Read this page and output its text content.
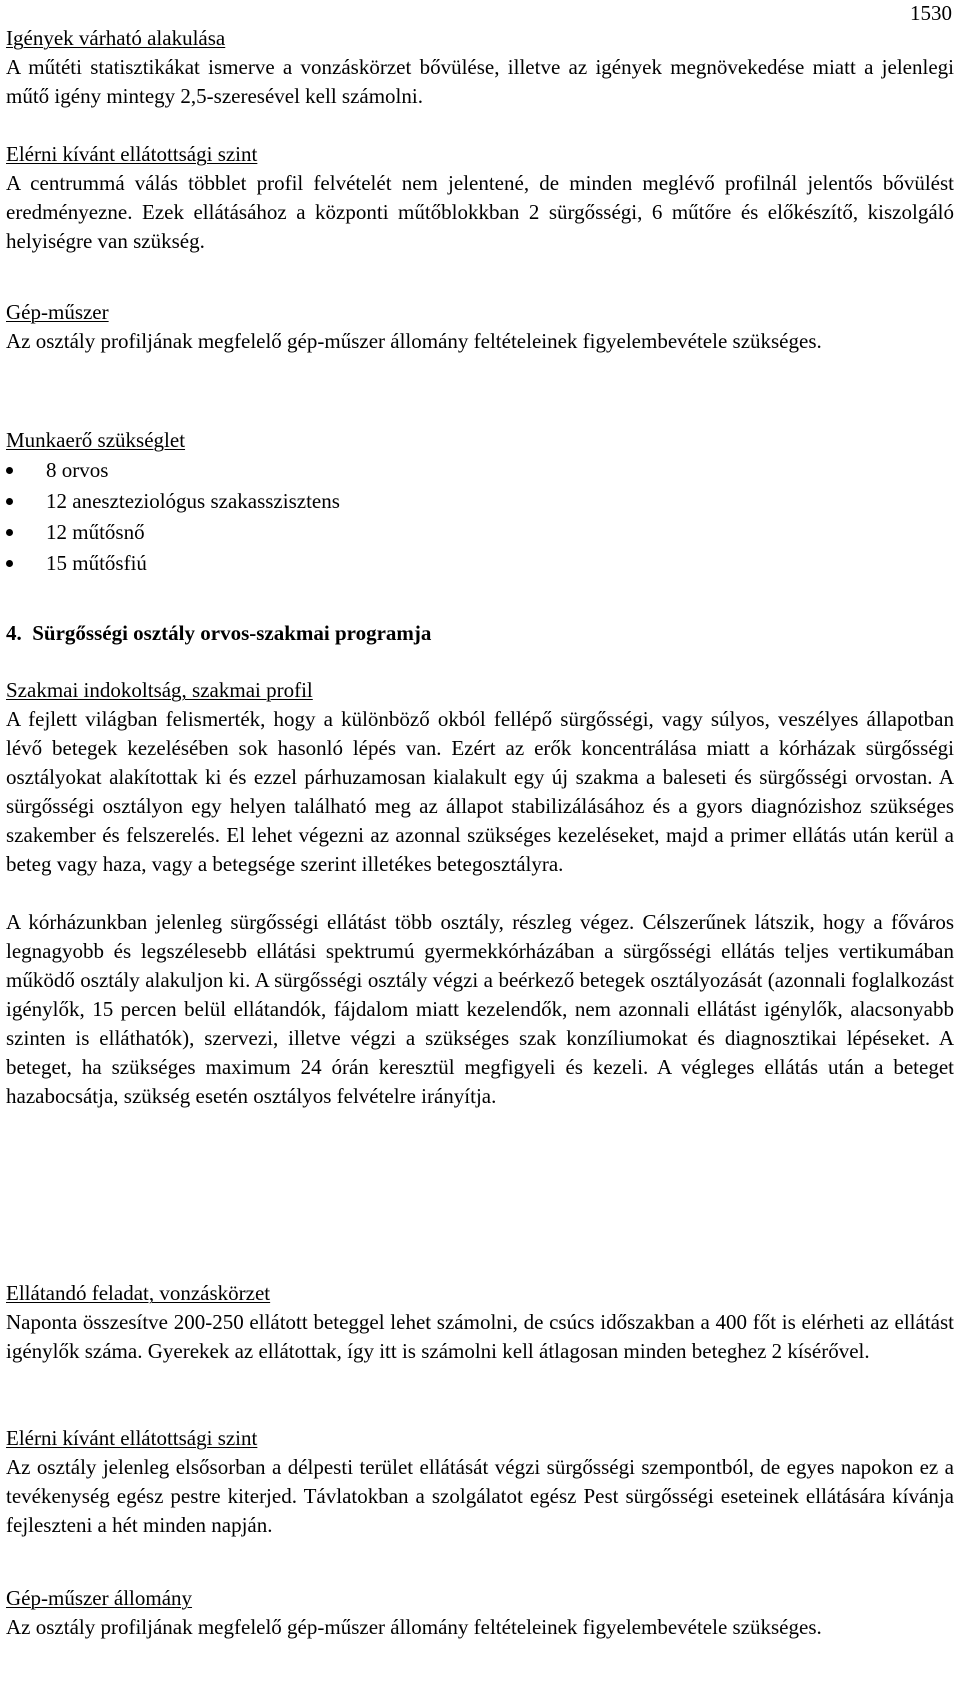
1530
Igények várható alakulása

A műtéti statisztikákat ismerve a vonzáskörzet bővülése, illetve az igények megnövekedése miatt a jelenlegi műtő igény mintegy 2,5-szeresével kell számolni.

Elérni kívánt ellátottsági szint

A centrummá válás többlet profil felvételét nem jelentené, de minden meglévő profilnál jelentős bővülést eredményezne. Ezek ellátásához a központi műtőblokkban 2 sürgősségi, 6 műtőre és előkészítő, kiszolgáló helyiségre van szükség.

Gép-műszer

Az osztály profiljának megfelelő gép-műszer állomány feltételeinek figyelembevétele szükséges.

Munkaerő szükséglet
8 orvos
12 aneszteziológus szakasszisztens
12 műtősnő
15 műtősfiú
4. Sürgősségi osztály orvos-szakmai programja
Szakmai indokoltság, szakmai profil

A fejlett világban felismerték, hogy a különböző okból fellépő sürgősségi, vagy súlyos, veszélyes állapotban lévő betegek kezelésében sok hasonló lépés van. Ezért az erők koncentrálása miatt a kórházak sürgősségi osztályokat alakítottak ki és ezzel párhuzamosan kialakult egy új szakma a baleseti és sürgősségi orvostan. A sürgősségi osztályon egy helyen található meg az állapot stabilizálásához és a gyors diagnózishoz szükséges szakember és felszerelés. El lehet végezni az azonnal szükséges kezeléseket, majd a primer ellátás után kerül a beteg vagy haza, vagy a betegsége szerint illetékes betegosztályra.

A kórházunkban jelenleg sürgősségi ellátást több osztály, részleg végez. Célszerűnek látszik, hogy a főváros legnagyobb és legszélesebb ellátási spektrumú gyermekkórházában a sürgősségi ellátás teljes vertikumában működő osztály alakuljon ki. A sürgősségi osztály végzi a beérkező betegek osztályozását (azonnali foglalkozást igénylők, 15 percen belül ellátandók, fájdalom miatt kezelendők, nem azonnali ellátást igénylők, alacsonyabb szinten is elláthatók), szervezi, illetve végzi a szükséges szak konzíliumokat és diagnosztikai lépéseket. A beteget, ha szükséges maximum 24 órán keresztül megfigyeli és kezeli. A végleges ellátás után a beteget hazabocsátja, szükség esetén osztályos felvételre irányítja.

Ellátandó feladat, vonzáskörzet

Naponta összesítve 200-250 ellátott beteggel lehet számolni, de csúcs időszakban a 400 főt is elérheti az ellátást igénylők száma. Gyerekek az ellátottak, így itt is számolni kell átlagosan minden beteghez 2 kísérővel.

Elérni kívánt ellátottsági szint

Az osztály jelenleg elsősorban a délpesti terület ellátását végzi sürgősségi szempontból, de egyes napokon ez a tevékenység egész pestre kiterjed. Távlatokban a szolgálatot egész Pest sürgősségi eseteinek ellátására kívánja fejleszteni a hét minden napján.

Gép-műszer állomány

Az osztály profiljának megfelelő gép-műszer állomány feltételeinek figyelembevétele szükséges.
